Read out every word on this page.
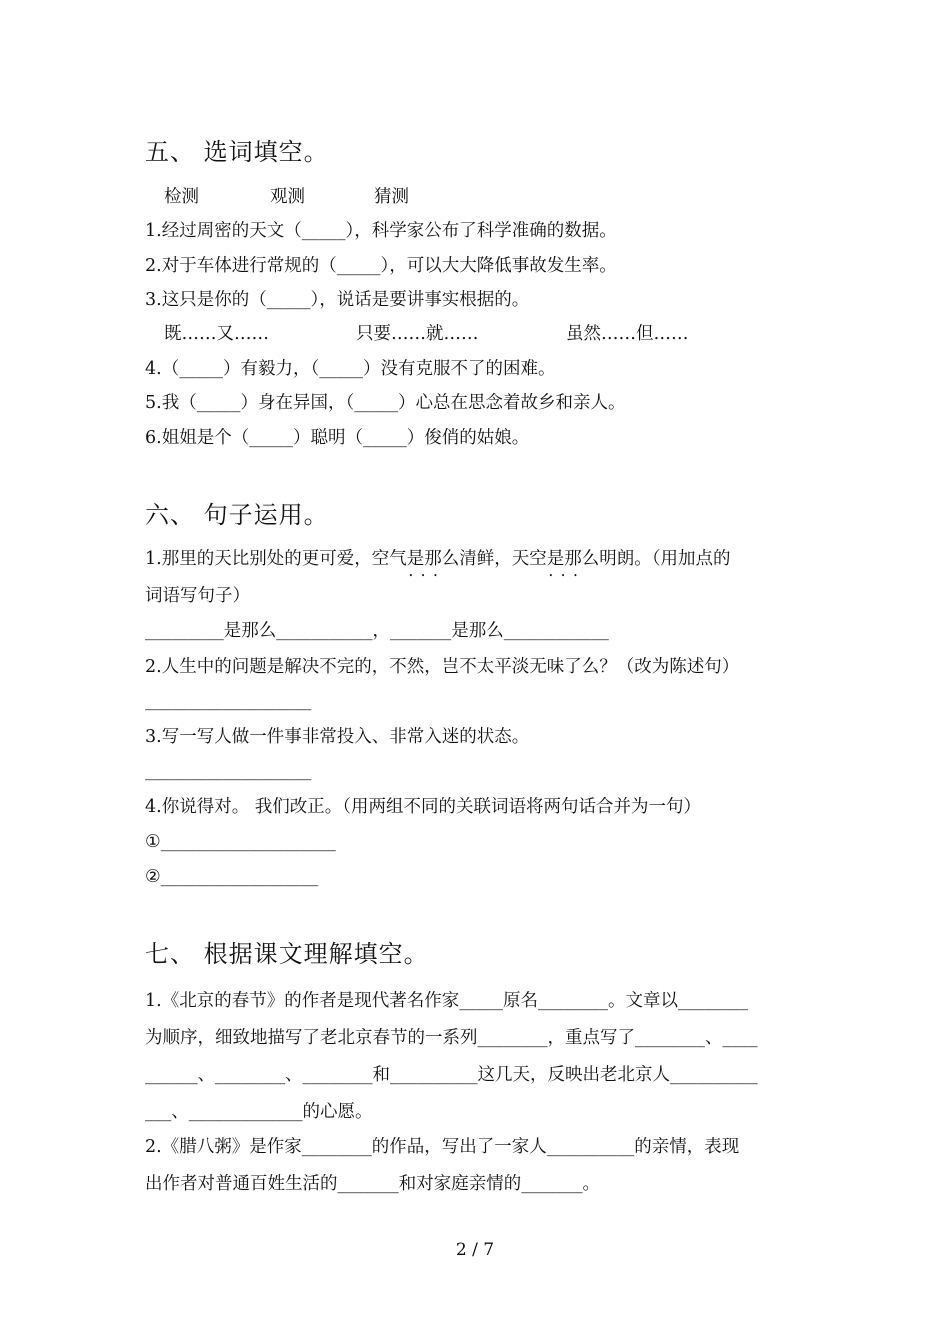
五、 选词填空。
检测	观测	猜测
1.经过周密的天文（_____），科学家公布了科学准确的数据。
2.对于车体进行常规的（_____），可以大大降低事故发生率。
3.这只是你的（_____），说话是要讲事实根据的。
既……又……	只要……就……	虽然……但……
4.（_____）有毅力，（_____）没有克服不了的困难。
5.我（_____）身在异国，（_____）心总在思念着故乡和亲人。
6.姐姐是个（_____）聪明（_____）俊俏的姑娘。
六、 句子运用。
1.那里的天比别处的更可爱，空气是那么 • • •清鲜，天空是那么 • • •明朗。（用加点的
词语写句子）
_________是那么___________，_______是那么____________
2.人生中的问题是解决不完的，不然，岂不太平淡无味了么？（改为陈述句）
___________________
3.写一写人做一件事非常投入、非常入迷的状态。
___________________
4.你说得对。 我们改正。（用两组不同的关联词语将两句话合并为一句）
①____________________
②__________________
七、 根据课文理解填空。
1.《北京的春节》的作者是现代著名作家_____原名________。文章以________
为顺序，细致地描写了老北京春节的一系列________，重点写了________、____
______、________、________和__________这几天，反映出老北京人__________
___、_____________的心愿。
2.《腊八粥》是作家________的作品，写出了一家人__________的亲情，表现
出作者对普通百姓生活的_______和对家庭亲情的_______。
2 / 7
